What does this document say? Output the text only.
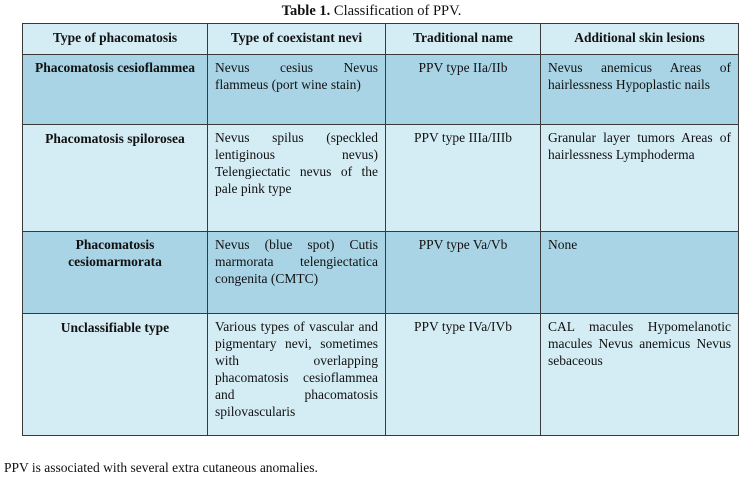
Table 1. Classification of PPV.
Type of phacomatosis	Type of coexistant nevi	Traditional name	Additional skin lesions
Phacomatosis cesioflammea	Nevus cesius Nevus flammeus (port wine stain)	PPV type IIa/IIb	Nevus anemicus Areas of hairlessness Hypoplastic nails
Phacomatosis spilorosea	Nevus spilus (speckled lentiginous nevus) Telengiectatic nevus of the pale pink type	PPV type IIIa/IIIb	Granular layer tumors Areas of hairlessness Lymphoderma
Phacomatosis cesiomarmorata	Nevus (blue spot) Cutis marmorata telengiectatica congenita (CMTC)	PPV type Va/Vb	None
Unclassifiable type	Various types of vascular and pigmentary nevi, sometimes with overlapping phacomatosis cesioflammea and phacomatosis spilovascularis	PPV type IVa/IVb	CAL macules Hypomelanotic macules Nevus anemicus Nevus sebaceous
PPV is associated with several extra cutaneous anomalies.
